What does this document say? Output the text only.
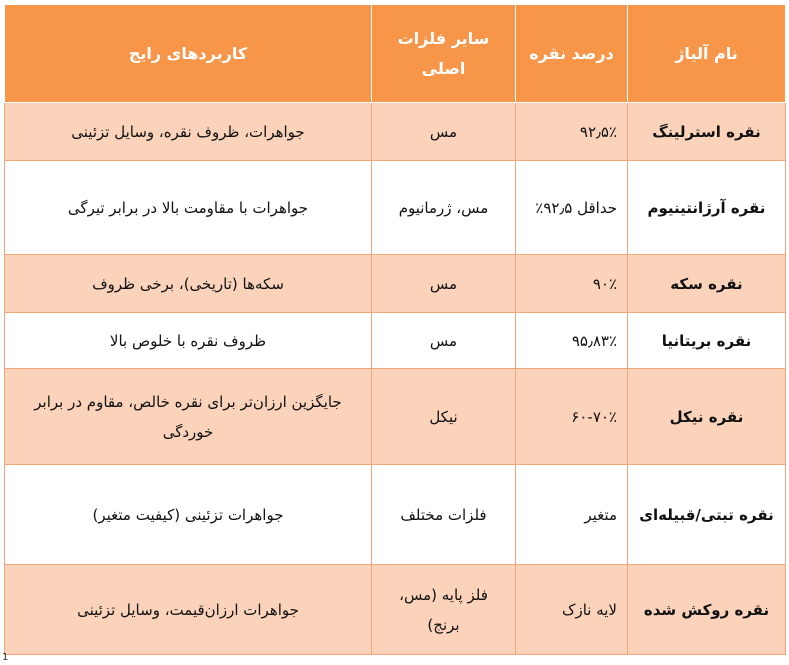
نام آلیاژ	درصد نقره	سایر فلزات اصلی	کاربردهای رایج
نقره استرلینگ	۹۲٫۵٪	مس	جواهرات، ظروف نقره، وسایل تزئینی
نقره آرژانتینیوم	حداقل ۹۲٫۵٪	مس، ژرمانیوم	جواهرات با مقاومت بالا در برابر تیرگی
نقره سکه	۹۰٪	مس	سکه‌ها (تاریخی)، برخی ظروف
نقره بریتانیا	۹۵٫۸۳٪	مس	ظروف نقره با خلوص بالا
نقره نیکل	۶۰-۷۰٪	نیکل	جایگزین ارزان‌تر برای نقره خالص، مقاوم در برابر خوردگی
نقره تبتی/قبیله‌ای	متغیر	فلزات مختلف	جواهرات تزئینی (کیفیت متغیر)
نقره روکش شده	لایه نازک	فلز پایه (مس، برنج)	جواهرات ارزان‌قیمت، وسایل تزئینی
1
